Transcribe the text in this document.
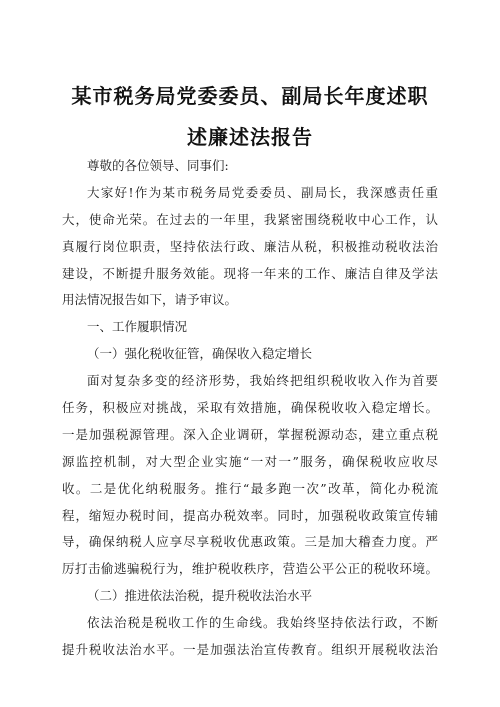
某市税务局党委委员、副局长年度述职
述廉述法报告
尊敬的各位领导、同事们:
大家好!作为某市税务局党委委员、副局长，我深感责任重
大，使命光荣。在过去的一年里，我紧密围绕税收中心工作，认
真履行岗位职责，坚持依法行政、廉洁从税，积极推动税收法治
建设，不断提升服务效能。现将一年来的工作、廉洁自律及学法
用法情况报告如下，请予审议。
一、工作履职情况
（一）强化税收征管，确保收入稳定增长
面对复杂多变的经济形势，我始终把组织税收收入作为首要
任务，积极应对挑战，采取有效措施，确保税收收入稳定增长。
一是加强税源管理。深入企业调研，掌握税源动态，建立重点税
源监控机制，对大型企业实施“一对一”服务，确保税收应收尽
收。二是优化纳税服务。推行“最多跑一次”改革，简化办税流
程，缩短办税时间，提高办税效率。同时，加强税收政策宣传辅
导，确保纳税人应享尽享税收优惠政策。三是加大稽查力度。严
厉打击偷逃骗税行为，维护税收秩序，营造公平公正的税收环境。
（二）推进依法治税，提升税收法治水平
依法治税是税收工作的生命线。我始终坚持依法行政，不断
提升税收法治水平。一是加强法治宣传教育。组织开展税收法治
